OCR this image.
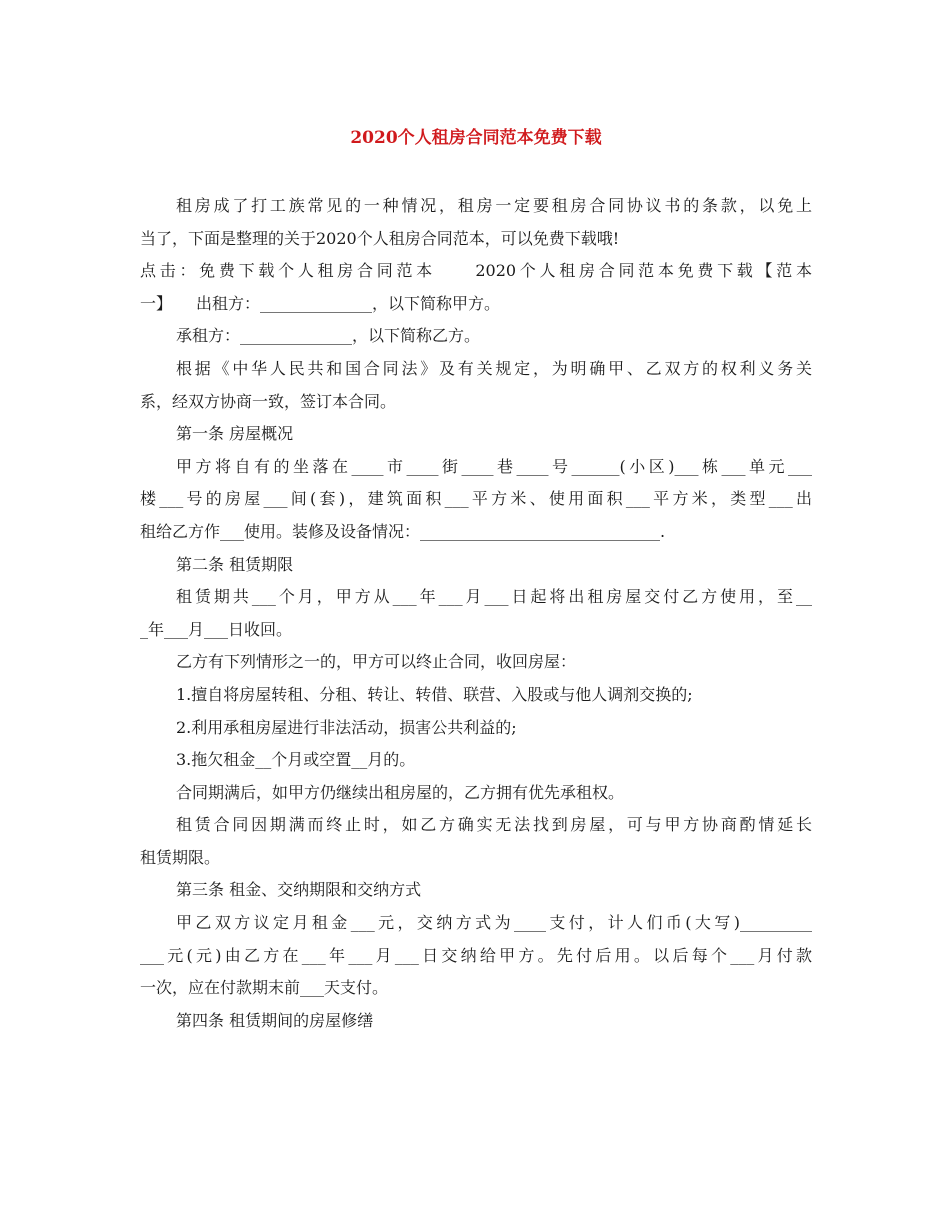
2020个人租房合同范本免费下载
租房成了打工族常见的一种情况，租房一定要租房合同协议书的条款，以免上
当了，下面是整理的关于2020个人租房合同范本，可以免费下载哦!
点击：免费下载个人租房合同范本　　2020个人租房合同范本免费下载【范本
一】　　出租方：______________，以下简称甲方。
承租方：______________，以下简称乙方。
根据《中华人民共和国合同法》及有关规定，为明确甲、乙双方的权利义务关
系，经双方协商一致，签订本合同。
第一条 房屋概况
甲方将自有的坐落在____市____街____巷____号______(小区)___栋___单元___
楼___号的房屋___间(套)，建筑面积___平方米、使用面积___平方米，类型___出
租给乙方作___使用。装修及设备情况：______________________________.
第二条 租赁期限
租赁期共___个月，甲方从___年___月___日起将出租房屋交付乙方使用，至__
_年___月___日收回。
乙方有下列情形之一的，甲方可以终止合同，收回房屋：
1.擅自将房屋转租、分租、转让、转借、联营、入股或与他人调剂交换的;
2.利用承租房屋进行非法活动，损害公共利益的;
3.拖欠租金__个月或空置__月的。
合同期满后，如甲方仍继续出租房屋的，乙方拥有优先承租权。
租赁合同因期满而终止时，如乙方确实无法找到房屋，可与甲方协商酌情延长
租赁期限。
第三条 租金、交纳期限和交纳方式
甲乙双方议定月租金___元，交纳方式为____支付，计人们币(大写)_________
___元(元)由乙方在___年___月___日交纳给甲方。先付后用。以后每个___月付款
一次，应在付款期末前___天支付。
第四条 租赁期间的房屋修缮
